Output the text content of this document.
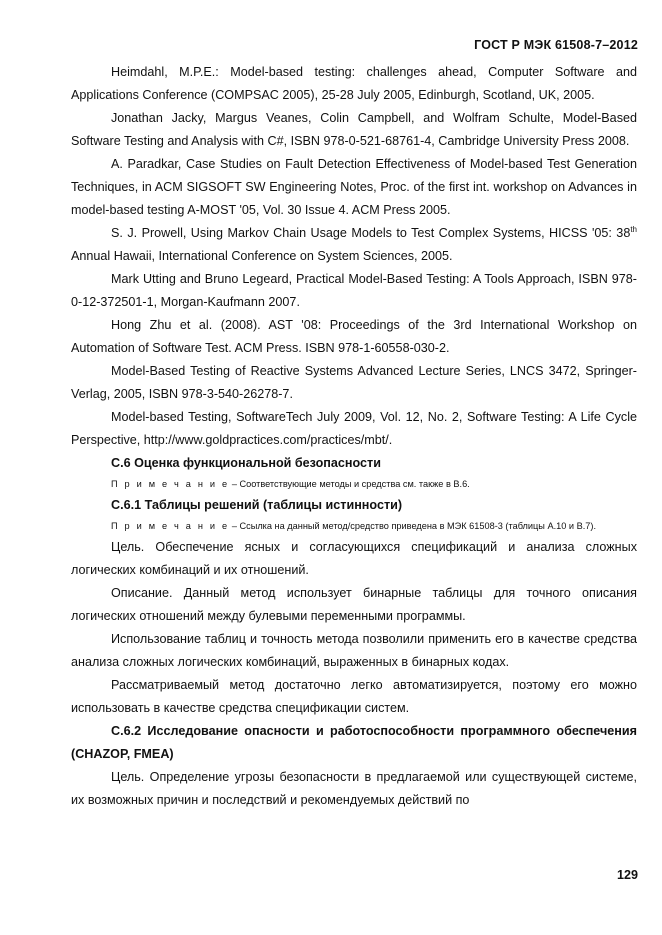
ГОСТ Р МЭК 61508-7–2012

Heimdahl, M.P.E.: Model-based testing: challenges ahead, Computer Software and Applications Conference (COMPSAC 2005), 25-28 July 2005, Edinburgh, Scotland, UK, 2005.

Jonathan Jacky, Margus Veanes, Colin Campbell, and Wolfram Schulte, Model-Based Software Testing and Analysis with C#, ISBN 978-0-521-68761-4, Cambridge University Press 2008.

A. Paradkar, Case Studies on Fault Detection Effectiveness of Model-based Test Generation Techniques, in ACM SIGSOFT SW Engineering Notes, Proc. of the first int. workshop on Advances in model-based testing A-MOST '05, Vol. 30 Issue 4. ACM Press 2005.

S. J. Prowell, Using Markov Chain Usage Models to Test Complex Systems, HICSS '05: 38th Annual Hawaii, International Conference on System Sciences, 2005.

Mark Utting and Bruno Legeard, Practical Model-Based Testing: A Tools Approach, ISBN 978-0-12-372501-1, Morgan-Kaufmann 2007.

Hong Zhu et al. (2008). AST '08: Proceedings of the 3rd International Workshop on Automation of Software Test. ACM Press. ISBN 978-1-60558-030-2.

Model-Based Testing of Reactive Systems Advanced Lecture Series, LNCS 3472, Springer-Verlag, 2005, ISBN 978-3-540-26278-7.

Model-based Testing, SoftwareTech July 2009, Vol. 12, No. 2, Software Testing: A Life Cycle Perspective, http://www.goldpractices.com/practices/mbt/.

C.6 Оценка функциональной безопасности

П р и м е ч а н и е – Соответствующие методы и средства см. также в B.6.

C.6.1 Таблицы решений (таблицы истинности)

П р и м е ч а н и е – Ссылка на данный метод/средство приведена в МЭК 61508-3 (таблицы А.10 и В.7).

Цель. Обеспечение ясных и согласующихся спецификаций и анализа сложных логических комбинаций и их отношений.

Описание. Данный метод использует бинарные таблицы для точного описания логических отношений между булевыми переменными программы.

Использование таблиц и точность метода позволили применить его в качестве средства анализа сложных логических комбинаций, выраженных в бинарных кодах.

Рассматриваемый метод достаточно легко автоматизируется, поэтому его можно использовать в качестве средства спецификации систем.

C.6.2 Исследование опасности и работоспособности программного обеспечения (CHAZOP, FMEA)

Цель. Определение угрозы безопасности в предлагаемой или существующей системе, их возможных причин и последствий и рекомендуемых действий по

129
